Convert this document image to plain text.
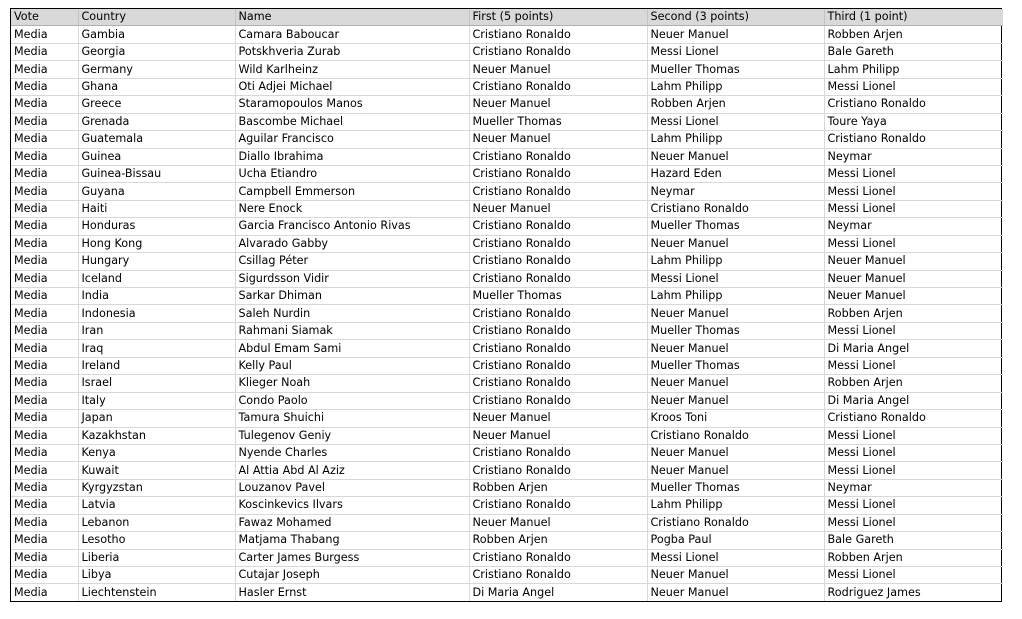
Vote	Country	Name	First (5 points)	Second (3 points)	Third (1 point)
Media	Gambia	Camara Baboucar	Cristiano Ronaldo	Neuer Manuel	Robben Arjen
Media	Georgia	Potskhveria Zurab	Cristiano Ronaldo	Messi Lionel	Bale Gareth
Media	Germany	Wild Karlheinz	Neuer Manuel	Mueller Thomas	Lahm Philipp
Media	Ghana	Oti Adjei Michael	Cristiano Ronaldo	Lahm Philipp	Messi Lionel
Media	Greece	Staramopoulos Manos	Neuer Manuel	Robben Arjen	Cristiano Ronaldo
Media	Grenada	Bascombe Michael	Mueller Thomas	Messi Lionel	Toure Yaya
Media	Guatemala	Aguilar Francisco	Neuer Manuel	Lahm Philipp	Cristiano Ronaldo
Media	Guinea	Diallo Ibrahima	Cristiano Ronaldo	Neuer Manuel	Neymar
Media	Guinea-Bissau	Ucha Etiandro	Cristiano Ronaldo	Hazard Eden	Messi Lionel
Media	Guyana	Campbell Emmerson	Cristiano Ronaldo	Neymar	Messi Lionel
Media	Haiti	Nere Enock	Neuer Manuel	Cristiano Ronaldo	Messi Lionel
Media	Honduras	Garcia Francisco Antonio Rivas	Cristiano Ronaldo	Mueller Thomas	Neymar
Media	Hong Kong	Alvarado Gabby	Cristiano Ronaldo	Neuer Manuel	Messi Lionel
Media	Hungary	Csillag Péter	Cristiano Ronaldo	Lahm Philipp	Neuer Manuel
Media	Iceland	Sigurdsson Vidir	Cristiano Ronaldo	Messi Lionel	Neuer Manuel
Media	India	Sarkar Dhiman	Mueller Thomas	Lahm Philipp	Neuer Manuel
Media	Indonesia	Saleh Nurdin	Cristiano Ronaldo	Neuer Manuel	Robben Arjen
Media	Iran	Rahmani Siamak	Cristiano Ronaldo	Mueller Thomas	Messi Lionel
Media	Iraq	Abdul Emam Sami	Cristiano Ronaldo	Neuer Manuel	Di Maria Angel
Media	Ireland	Kelly Paul	Cristiano Ronaldo	Mueller Thomas	Messi Lionel
Media	Israel	Klieger Noah	Cristiano Ronaldo	Neuer Manuel	Robben Arjen
Media	Italy	Condo Paolo	Cristiano Ronaldo	Neuer Manuel	Di Maria Angel
Media	Japan	Tamura Shuichi	Neuer Manuel	Kroos Toni	Cristiano Ronaldo
Media	Kazakhstan	Tulegenov Geniy	Neuer Manuel	Cristiano Ronaldo	Messi Lionel
Media	Kenya	Nyende Charles	Cristiano Ronaldo	Neuer Manuel	Messi Lionel
Media	Kuwait	Al Attia Abd Al Aziz	Cristiano Ronaldo	Neuer Manuel	Messi Lionel
Media	Kyrgyzstan	Louzanov Pavel	Robben Arjen	Mueller Thomas	Neymar
Media	Latvia	Koscinkevics Ilvars	Cristiano Ronaldo	Lahm Philipp	Messi Lionel
Media	Lebanon	Fawaz Mohamed	Neuer Manuel	Cristiano Ronaldo	Messi Lionel
Media	Lesotho	Matjama Thabang	Robben Arjen	Pogba Paul	Bale Gareth
Media	Liberia	Carter James Burgess	Cristiano Ronaldo	Messi Lionel	Robben Arjen
Media	Libya	Cutajar Joseph	Cristiano Ronaldo	Neuer Manuel	Messi Lionel
Media	Liechtenstein	Hasler Ernst	Di Maria Angel	Neuer Manuel	Rodriguez James
